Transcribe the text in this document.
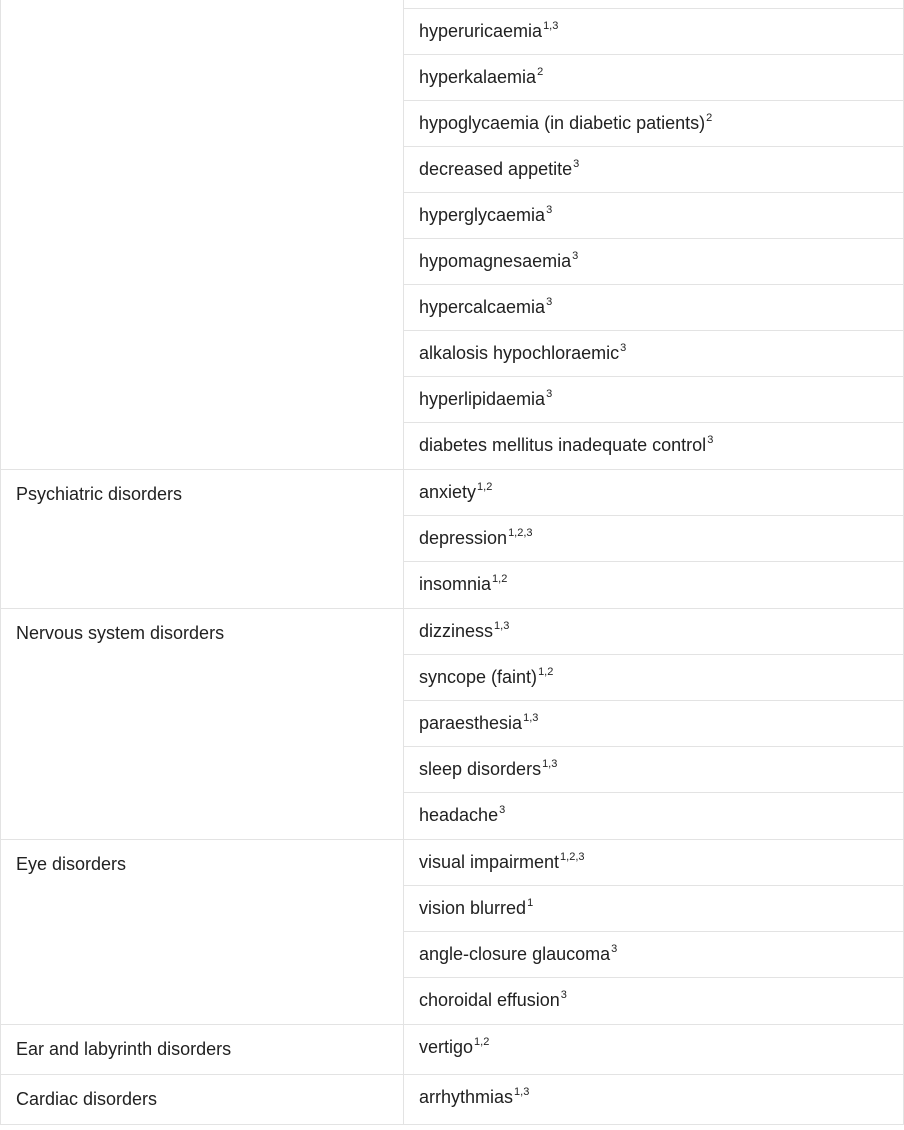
hyperuricaemia$^{1,3}$
hyperkalaemia$^2$
hypoglycaemia (in diabetic patients)$^2$
decreased appetite$^3$
hyperglycaemia$^3$
hypomagnesaemia$^3$
hypercalcaemia$^3$
alkalosis hypochloraemic$^3$
hyperlipidaemia$^3$
diabetes mellitus inadequate control$^3$
Psychiatric disorders	anxiety$^{1,2}$
depression$^{1,2,3}$
insomnia$^{1,2}$
Nervous system disorders	dizziness$^{1,3}$
syncope (faint)$^{1,2}$
paraesthesia$^{1,3}$
sleep disorders$^{1,3}$
headache$^3$
Eye disorders	visual impairment$^{1,2,3}$
vision blurred$^1$
angle-closure glaucoma$^3$
choroidal effusion$^3$
Ear and labyrinth disorders	vertigo$^{1,2}$
Cardiac disorders	arrhythmias$^{1,3}$
